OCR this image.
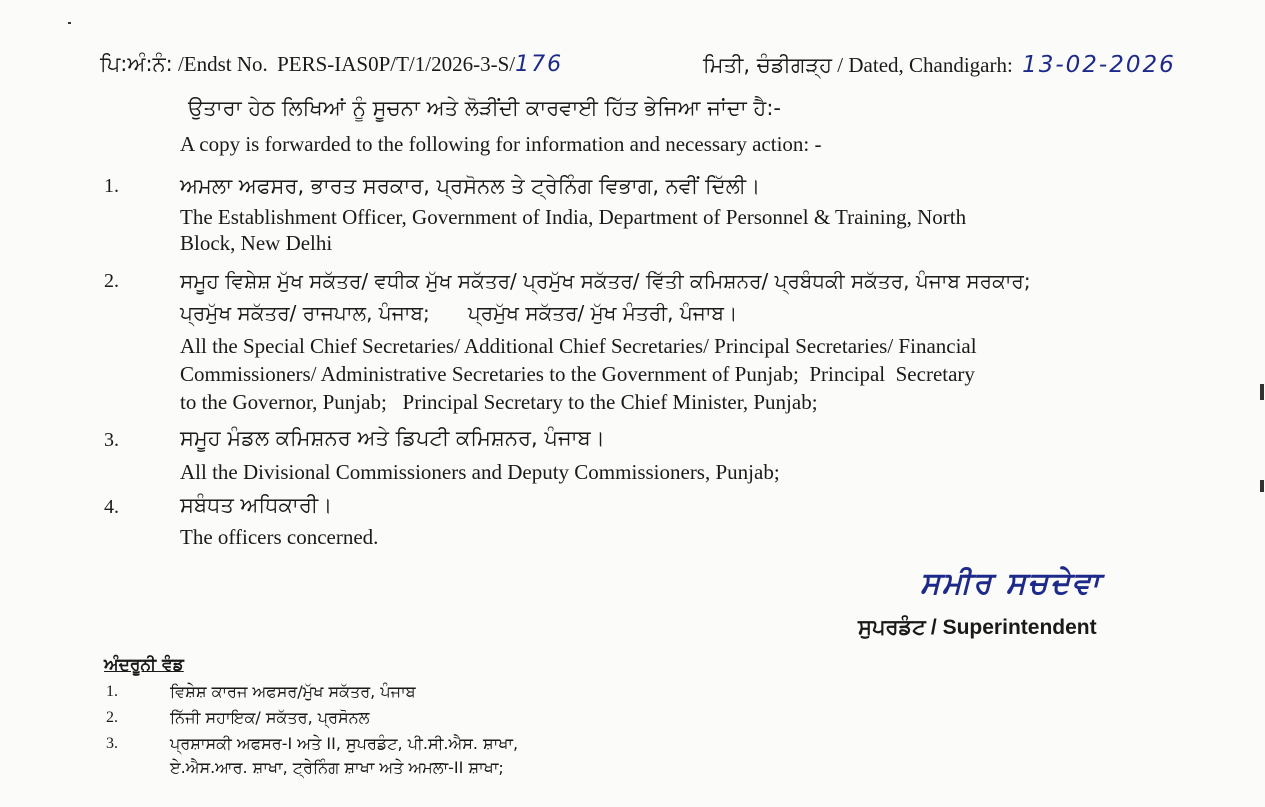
ਪਿ:ਅੰ:ਨੰ: /Endst No. PERS-IAS0P/T/1/2026-3-S/176	ਮਿਤੀ, ਚੰਡੀਗੜ੍ਹ / Dated, Chandigarh: 13-02-2026
ਉਤਾਰਾ ਹੇਠ ਲਿਖਿਆਂ ਨੂੰ ਸੂਚਨਾ ਅਤੇ ਲੋੜੀਂਦੀ ਕਾਰਵਾਈ ਹਿੱਤ ਭੇਜਿਆ ਜਾਂਦਾ ਹੈ:-
A copy is forwarded to the following for information and necessary action: -
1.	ਅਮਲਾ ਅਫਸਰ, ਭਾਰਤ ਸਰਕਾਰ, ਪ੍ਰਸੋਨਲ ਤੇ ਟ੍ਰੇਨਿੰਗ ਵਿਭਾਗ, ਨਵੀਂ ਦਿੱਲੀ।
The Establishment Officer, Government of India, Department of Personnel & Training, North
Block, New Delhi
2.	ਸਮੂਹ ਵਿਸ਼ੇਸ਼ ਮੁੱਖ ਸਕੱਤਰ/ ਵਧੀਕ ਮੁੱਖ ਸਕੱਤਰ/ ਪ੍ਰਮੁੱਖ ਸਕੱਤਰ/ ਵਿੱਤੀ ਕਮਿਸ਼ਨਰ/ ਪ੍ਰਬੰਧਕੀ ਸਕੱਤਰ, ਪੰਜਾਬ ਸਰਕਾਰ;
ਪ੍ਰਮੁੱਖ ਸਕੱਤਰ/ ਰਾਜਪਾਲ, ਪੰਜਾਬ;      ਪ੍ਰਮੁੱਖ ਸਕੱਤਰ/ ਮੁੱਖ ਮੰਤਰੀ, ਪੰਜਾਬ।
All the Special Chief Secretaries/ Additional Chief Secretaries/ Principal Secretaries/ Financial
Commissioners/ Administrative Secretaries to the Government of Punjab;  Principal  Secretary
to the Governor, Punjab;   Principal Secretary to the Chief Minister, Punjab;
3.	ਸਮੂਹ ਮੰਡਲ ਕਮਿਸ਼ਨਰ ਅਤੇ ਡਿਪਟੀ ਕਮਿਸ਼ਨਰ, ਪੰਜਾਬ।
All the Divisional Commissioners and Deputy Commissioners, Punjab;
4.	ਸਬੰਧਤ ਅਧਿਕਾਰੀ।
The officers concerned.
ਸਮੀਰ ਸਚਦੇਵਾ
ਸੁਪਰਡੰਟ / Superintendent
ਅੰਦਰੂਨੀ ਵੰਡ
1.	ਵਿਸ਼ੇਸ਼ ਕਾਰਜ ਅਫਸਰ/ਮੁੱਖ ਸਕੱਤਰ, ਪੰਜਾਬ
2.	ਨਿੱਜੀ ਸਹਾਇਕ/ ਸਕੱਤਰ, ਪ੍ਰਸੋਨਲ
3.	ਪ੍ਰਸ਼ਾਸਕੀ ਅਫਸਰ-I ਅਤੇ II, ਸੁਪਰਡੰਟ, ਪੀ.ਸੀ.ਐਸ. ਸ਼ਾਖਾ,
ਏ.ਐਸ.ਆਰ. ਸ਼ਾਖਾ, ਟ੍ਰੇਨਿੰਗ ਸ਼ਾਖਾ ਅਤੇ ਅਮਲਾ-II ਸ਼ਾਖਾ;
